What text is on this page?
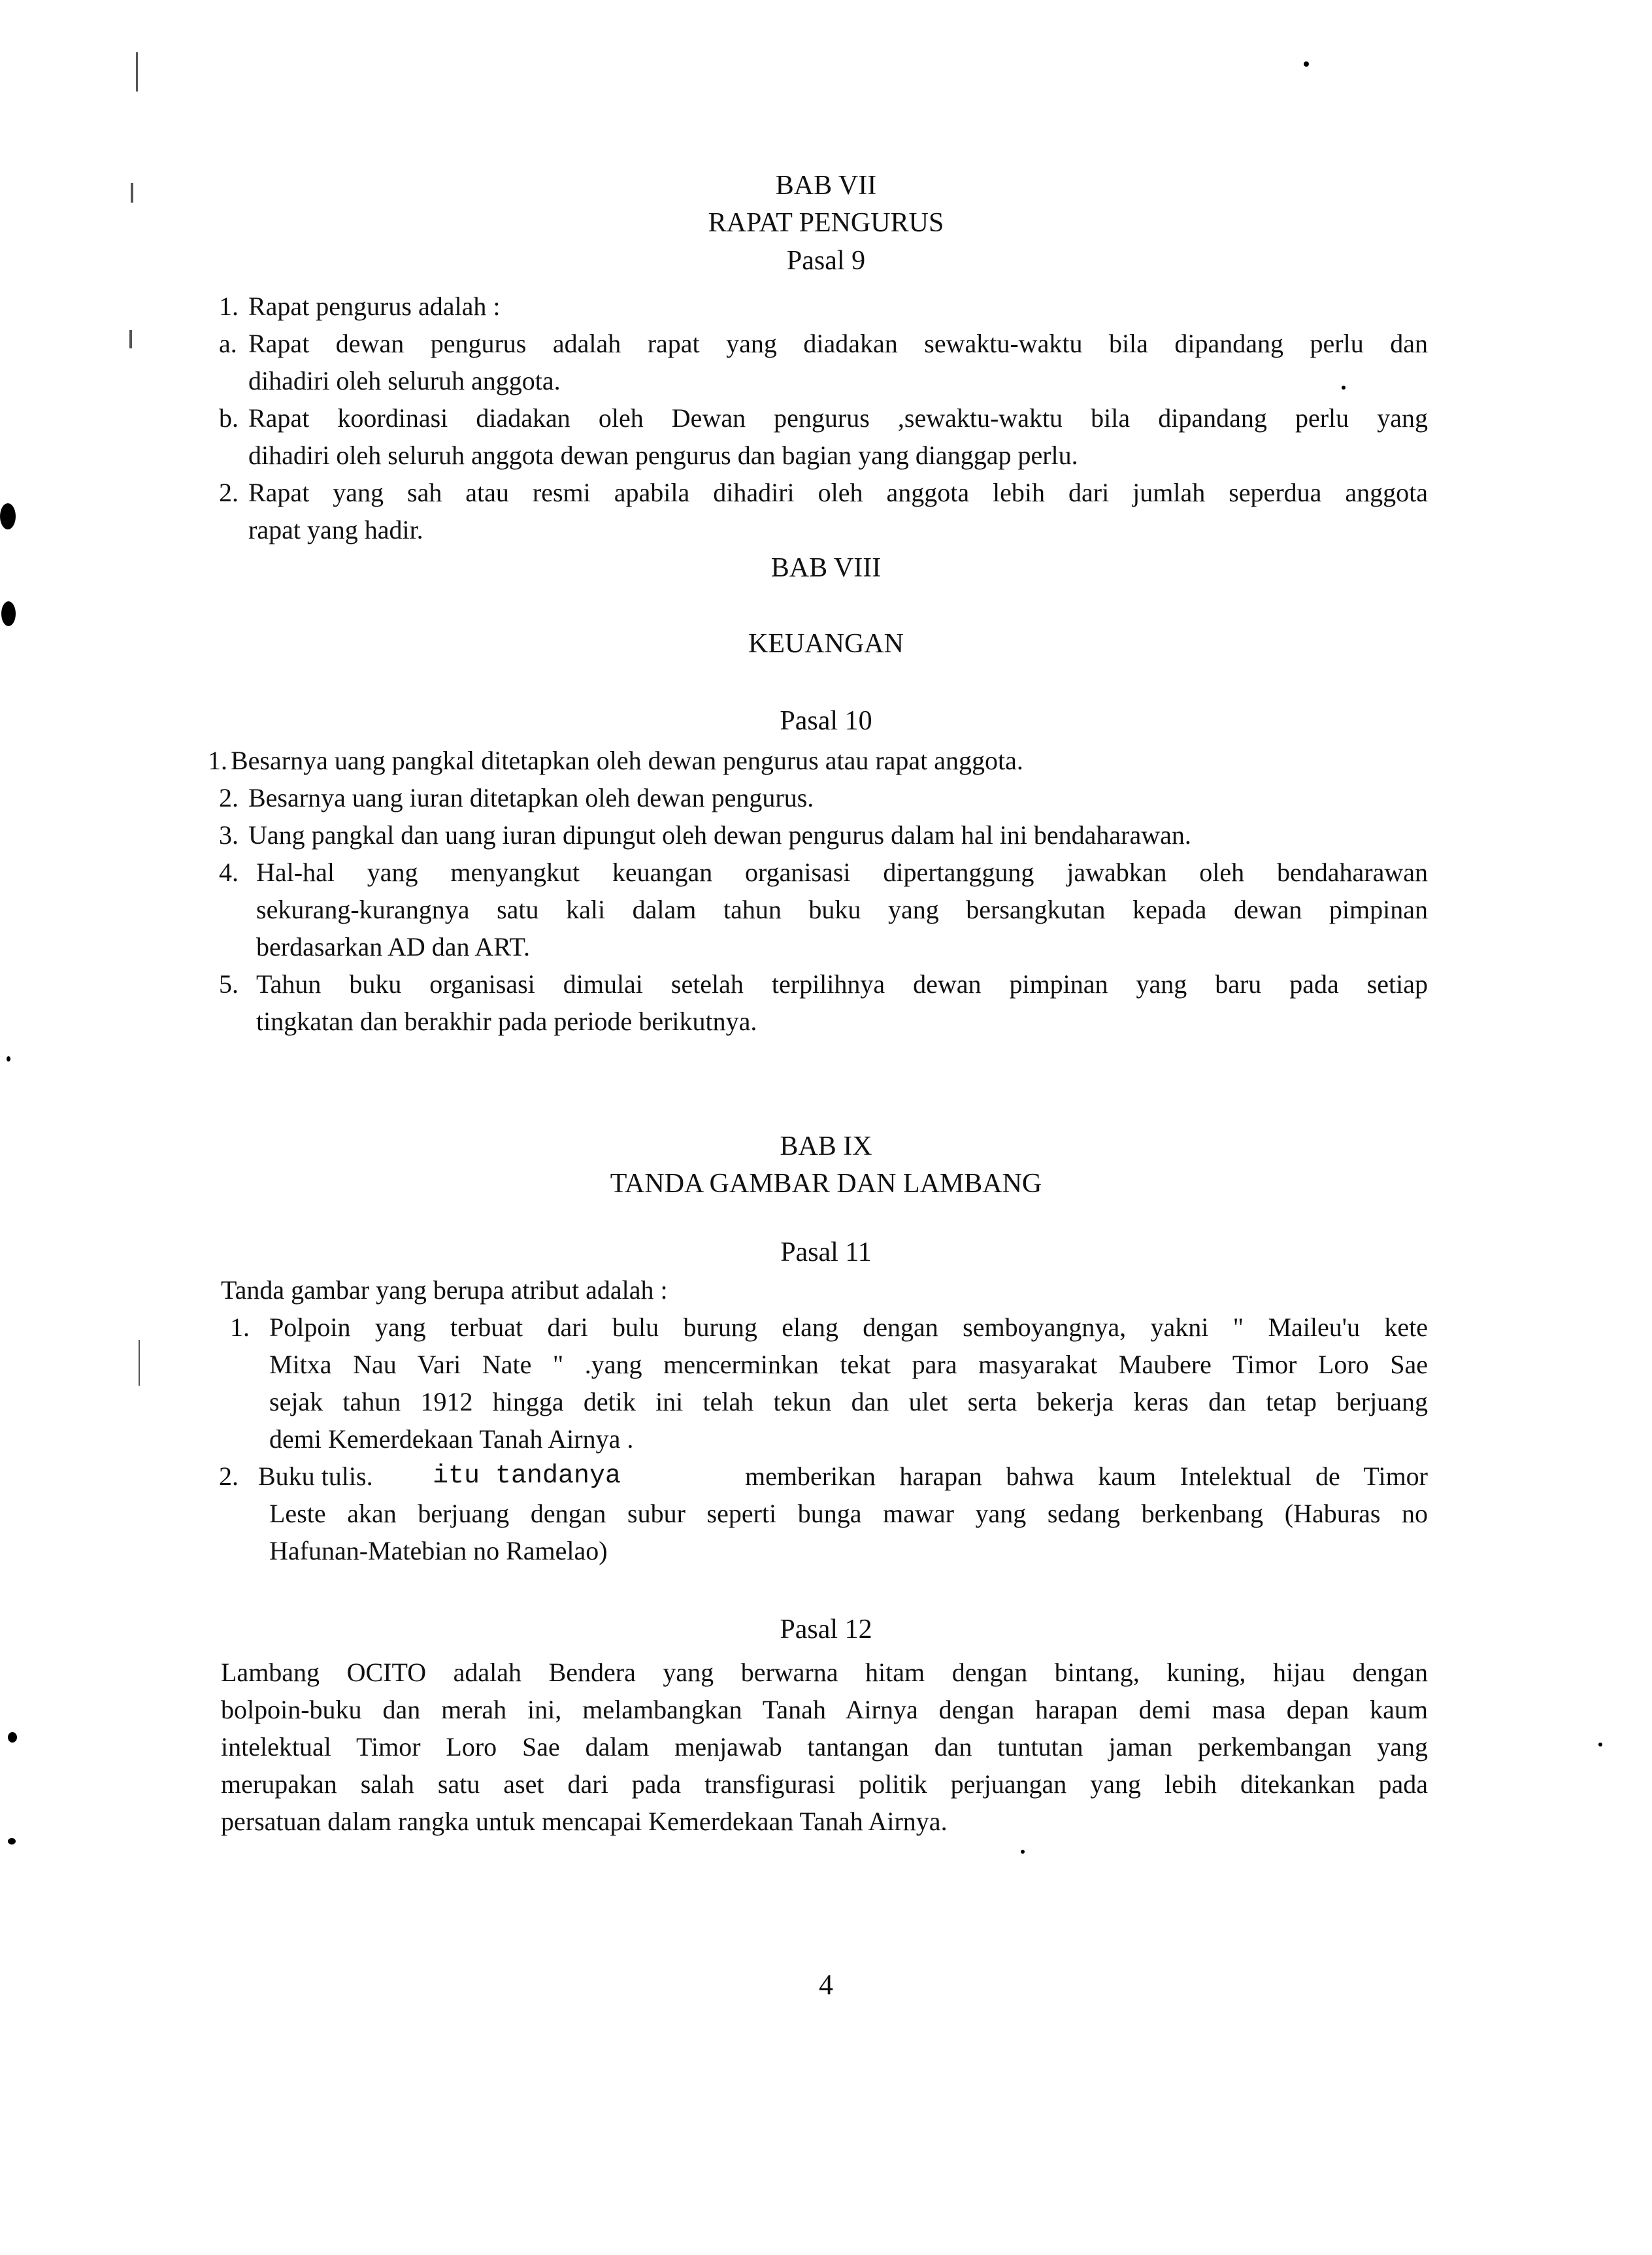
BAB VII
RAPAT PENGURUS
Pasal 9
1. Rapat pengurus adalah :
a. Rapat dewan pengurus adalah rapat yang diadakan sewaktu-waktu bila dipandang perlu dan
dihadiri oleh seluruh anggota.
b. Rapat koordinasi diadakan oleh Dewan pengurus ,sewaktu-waktu bila dipandang perlu yang
dihadiri oleh seluruh anggota dewan pengurus dan bagian yang dianggap perlu.
2. Rapat yang sah atau resmi apabila dihadiri oleh anggota lebih dari jumlah seperdua anggota
rapat yang hadir.
BAB VIII
KEUANGAN
Pasal 10
1. Besarnya uang pangkal ditetapkan oleh dewan pengurus atau rapat anggota.
2. Besarnya uang iuran ditetapkan oleh dewan pengurus.
3. Uang pangkal dan uang iuran dipungut oleh dewan pengurus dalam hal ini bendaharawan.
4. Hal-hal yang menyangkut keuangan organisasi dipertanggung jawabkan oleh bendaharawan
sekurang-kurangnya satu kali dalam tahun buku yang bersangkutan kepada dewan pimpinan
berdasarkan AD dan ART.
5. Tahun buku organisasi dimulai setelah terpilihnya dewan pimpinan yang baru pada setiap
tingkatan dan berakhir pada periode berikutnya.
BAB IX
TANDA GAMBAR DAN LAMBANG
Pasal 11
Tanda gambar yang berupa atribut adalah :
1. Polpoin yang terbuat dari bulu burung elang dengan semboyangnya, yakni " Maileu'u kete
Mitxa Nau Vari Nate " .yang mencerminkan tekat para masyarakat Maubere Timor Loro Sae
sejak tahun 1912 hingga detik ini telah tekun dan ulet serta bekerja keras dan tetap berjuang
demi Kemerdekaan Tanah Airnya .
2. Buku tulis. itu tandanya	memberikan harapan bahwa kaum Intelektual de Timor
Leste akan berjuang dengan subur seperti bunga mawar yang sedang berkenbang (Haburas no
Hafunan-Matebian no Ramelao)
Pasal 12
Lambang OCITO adalah Bendera yang berwarna hitam dengan bintang, kuning, hijau dengan
bolpoin-buku dan merah ini, melambangkan Tanah Airnya dengan harapan demi masa depan kaum
intelektual Timor Loro Sae dalam menjawab tantangan dan tuntutan jaman perkembangan yang
merupakan salah satu aset dari pada transfigurasi politik perjuangan yang lebih ditekankan pada
persatuan dalam rangka untuk mencapai Kemerdekaan Tanah Airnya.
4
